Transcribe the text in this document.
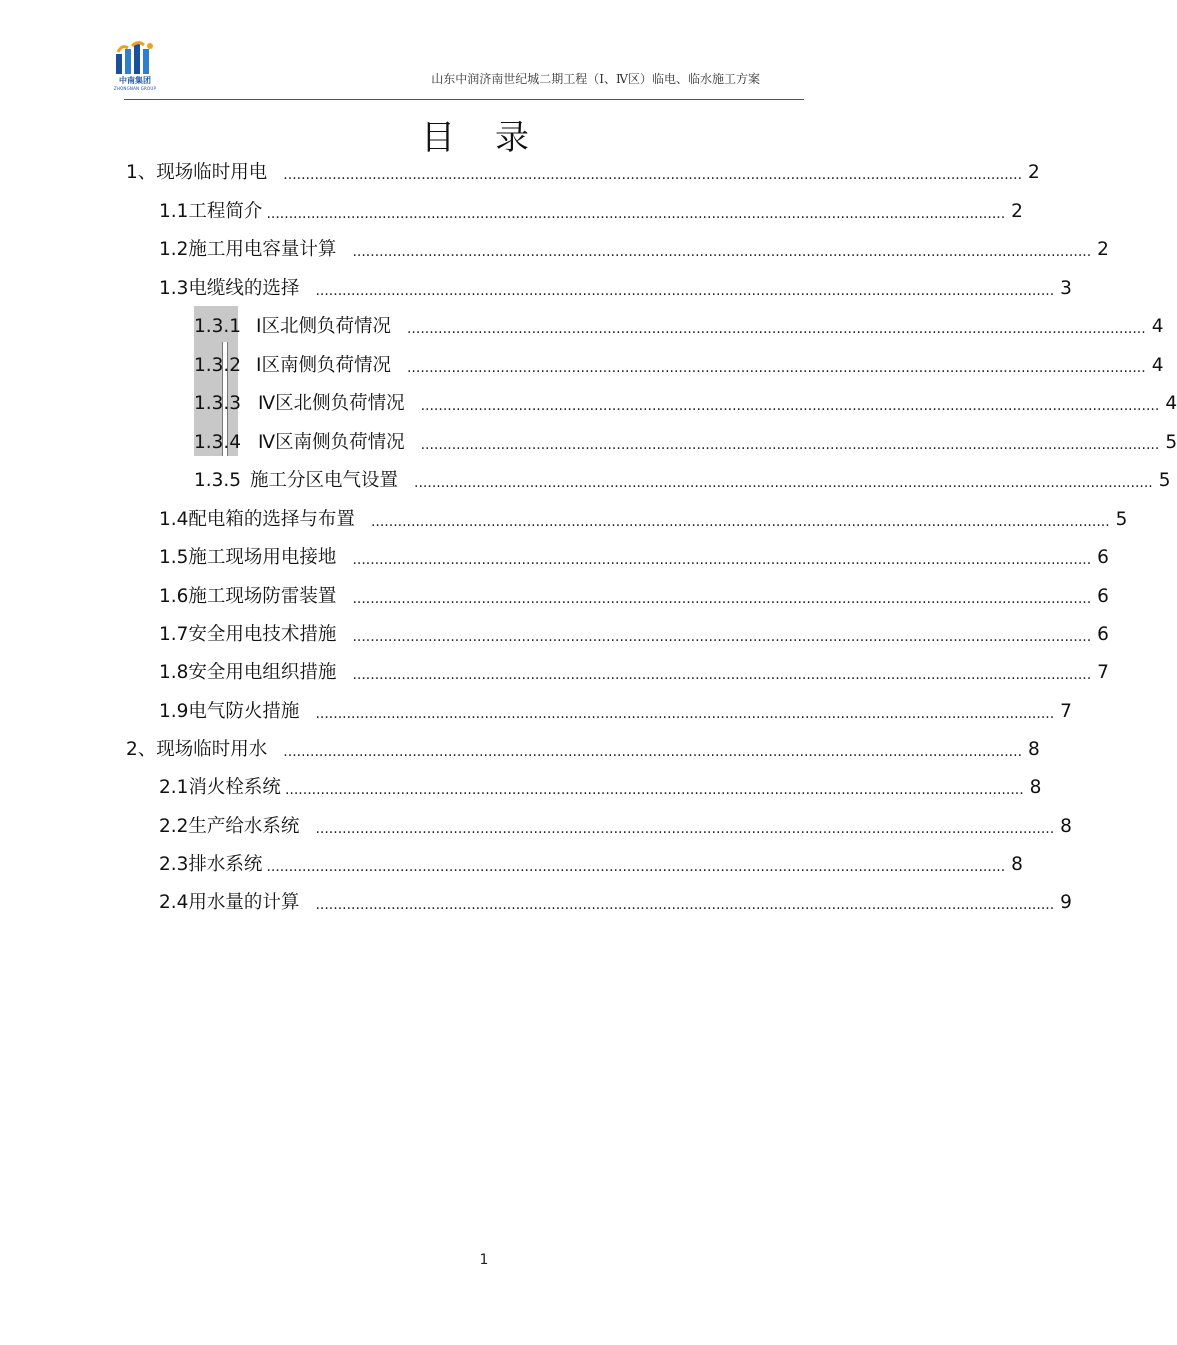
中南集团
ZHONGNAN GROUP
山东中润济南世纪城二期工程（Ⅰ、Ⅳ区）临电、临水施工方案
目录
1、 现场临时用电 ...................................................................................................................................................................... 2
1.1 工程简介 ...................................................................................................................................................................... 2
1.2 施工用电容量计算 ...................................................................................................................................................................... 2
1.3 电缆线的选择 ...................................................................................................................................................................... 3
1.3.1 Ⅰ区北侧负荷情况 ...................................................................................................................................................................... 4
1.3.2 Ⅰ区南侧负荷情况 ...................................................................................................................................................................... 4
1.3.3 Ⅳ区北侧负荷情况 ...................................................................................................................................................................... 4
1.3.4 Ⅳ区南侧负荷情况 ...................................................................................................................................................................... 5
1.3.5 施工分区电气设置 ...................................................................................................................................................................... 5
1.4 配电箱的选择与布置 ...................................................................................................................................................................... 5
1.5 施工现场用电接地 ...................................................................................................................................................................... 6
1.6 施工现场防雷装置 ...................................................................................................................................................................... 6
1.7 安全用电技术措施 ...................................................................................................................................................................... 6
1.8 安全用电组织措施 ...................................................................................................................................................................... 7
1.9 电气防火措施 ...................................................................................................................................................................... 7
2、 现场临时用水 ...................................................................................................................................................................... 8
2.1 消火栓系统 ...................................................................................................................................................................... 8
2.2 生产给水系统 ...................................................................................................................................................................... 8
2.3 排水系统 ...................................................................................................................................................................... 8
2.4 用水量的计算 ...................................................................................................................................................................... 9
1
